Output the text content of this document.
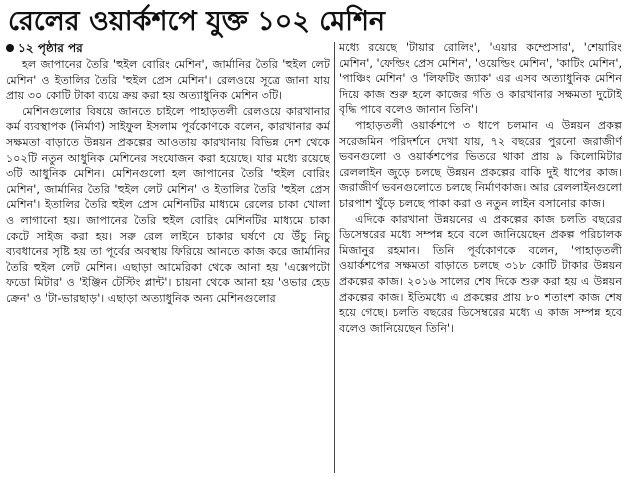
রেলের ওয়ার্কশপে যুক্ত ১০২ মেশিন
১২ পৃষ্ঠার পর

হল জাপানের তৈরি 'হুইল বোরিং মেশিন', জার্মানির তৈরি 'হুইল লেট মেশিন' ও ইতালির তৈরি 'হুইল প্রেস মেশিন'। রেলওয়ে সূত্রে জানা যায় প্রায় ৩০ কোটি টাকা ব্যয়ে ক্রয় করা হয় অত্যাধুনিক মেশিন ৩টি।

মেশিনগুলোর বিষয়ে জানতে চাইলে পাহাড়তলী রেলওয়ে কারখানার কর্ম ব্যবস্থাপক (নির্মাণ) সাইফুল ইসলাম পূর্বকোণকে বলেন, কারখানার কর্ম সক্ষমতা বাড়াতে উন্নয়ন প্রকল্পের আওতায় কারখানায় বিভিন্ন দেশ থেকে ১০২টি নতুন আধুনিক মেশিনের সংযোজন করা হয়েছে। যার মধ্যে রয়েছে ৩টি আধুনিক মেশিন। মেশিনগুলো হল জাপানের তৈরি 'হুইল বোরিং মেশিন', জার্মানির তৈরি 'হুইল লেট মেশিন' ও ইতালির তৈরি 'হুইল প্রেস মেশিন'। ইতালির তৈরি হুইল প্রেস মেশিনটির মাধ্যমে রেলের চাকা খোলা ও লাগানো হয়। জাপানের তৈরি হুইল বোরিং মেশিনটির মাধ্যমে চাকা কেটে সাইজ করা হয়। সরু রেল লাইনে চাকার ঘর্ষণে যে উঁচু নিচু ব্যবধানের সৃষ্টি হয় তা পূর্বের অবস্থায় ফিরিয়ে আনতে কাজ করে জার্মানির তৈরি হুইল লেট মেশিন। এছাড়া আমেরিকা থেকে আনা হয় 'এক্সেপটো ফডো মিটার' ও 'ইঞ্জিন টেস্টিং প্লান্ট'। চায়না থেকে আনা হয় 'ওভার হেড ক্রেন' ও 'টা-ভারছাড়'। এছাড়া অত্যাধুনিক অন্য মেশিনগুলোর

মধ্যে রয়েছে 'টায়ার রোলিং', 'এয়ার কম্প্রেসার', 'শেয়ারিং মেশিন', 'ফেল্ডিং প্রেস মেশিন', 'ওয়েল্ডিং মেশিন', 'কাটিং মেশিন', 'পাঞ্চিং মেশিন' ও 'লিফটিং জ্যাক' এর এসব অত্যাধুনিক মেশিন দিয়ে কাজ শুরু হলে কাজের গতি ও কারখানার সক্ষমতা দুটোই বৃদ্ধি পাবে বলেও জানান তিনি'।

পাহাড়তলী ওয়ার্কশপে ৩ ধাপে চলমান এ উন্নয়ন প্রকল্প সরেজমিন পরিদর্শনে দেখা যায়, ৭২ বছরের পুরনো জরাজীর্ণ ভবনগুলো ও ওয়ার্কশপের ভিতরে থাকা প্রায় ৯ কিলোমিটার রেললাইন জুড়ে চলছে উন্নয়ন প্রকল্পের বাকি দুই ধাপের কাজ। জরাজীর্ণ ভবনগুলোতে চলছে নির্মাণকাজ। আর রেললাইনগুলো চারপাশ খুঁড়ে চলছে পাকা করা ও নতুন লাইন বসানোর কাজ।

এদিকে কারখানা উন্নয়নের এ প্রকল্পের কাজ চলতি বছরের ডিসেম্বরের মধ্যে সম্পন্ন হবে বলে জানিয়েছেন প্রকল্প পরিচালক মিজানুর রহমান। তিনি পূর্বকোণকে বলেন, 'পাহাড়তলী ওয়ার্কশপের সক্ষমতা বাড়াতে চলছে ৩১৮ কোটি টাকার উন্নয়ন প্রকল্পের কাজ। ২০১৬ সালের শেষ দিকে শুরু করা হয় এ উন্নয়ন প্রকল্পের কাজ। ইতিমধ্যে এ প্রকল্পের প্রায় ৮০ শতাংশ কাজ শেষ হয়ে গেছে। চলতি বছরের ডিসেম্বরের মধ্যে এ কাজ সম্পন্ন হবে বলেও জানিয়েছেন তিনি'।
